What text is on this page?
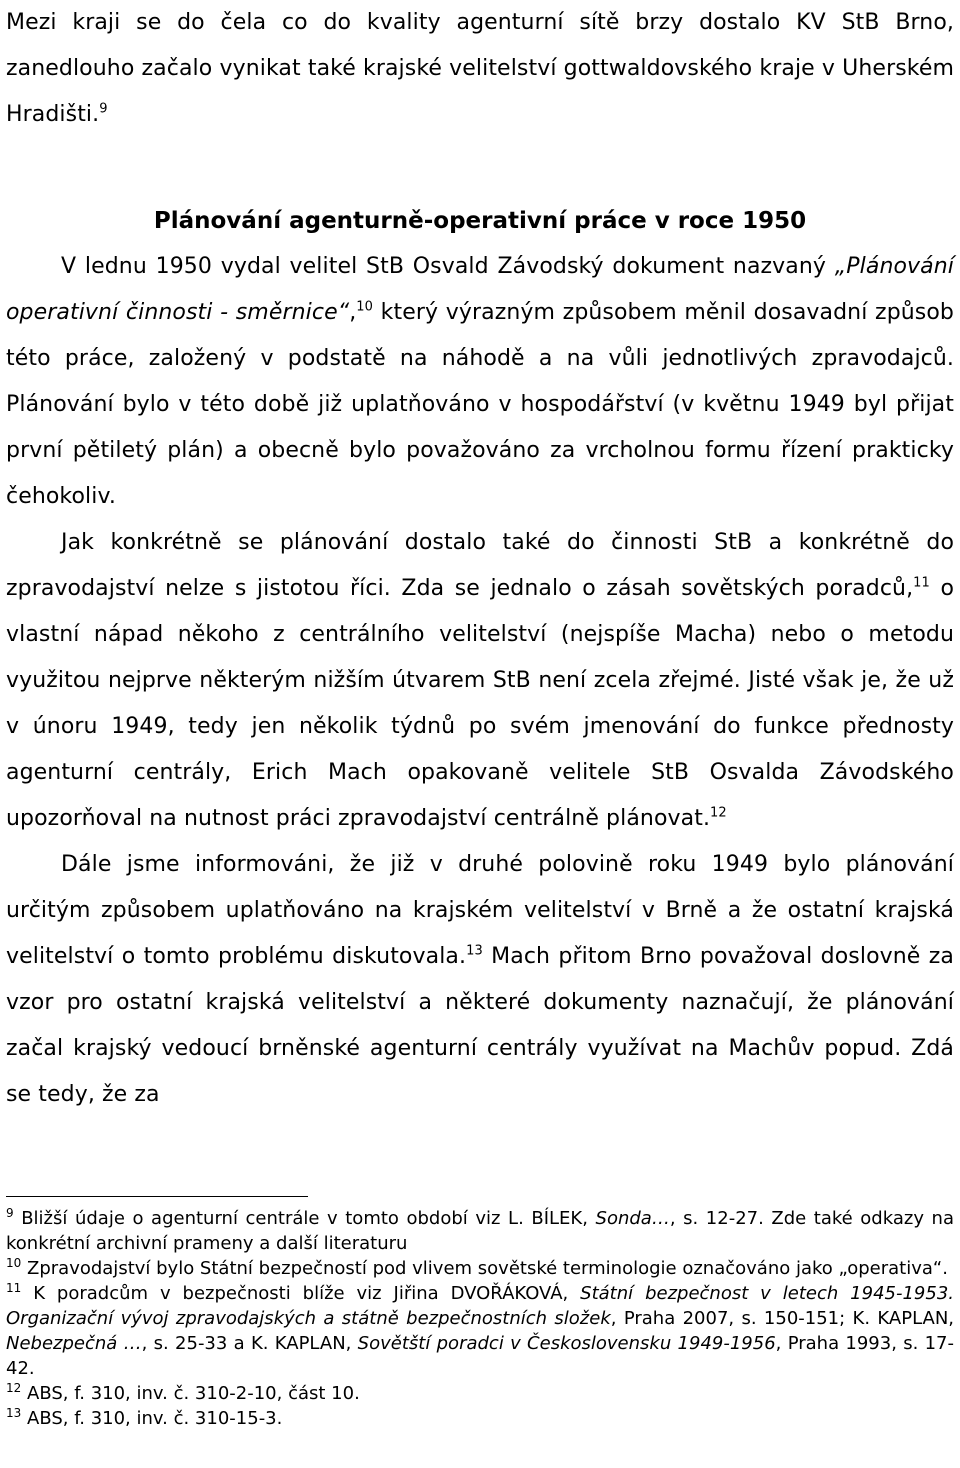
Mezi kraji se do čela co do kvality agenturní sítě brzy dostalo KV StB Brno, zanedlouho začalo vynikat také krajské velitelství gottwaldovského kraje v Uherském Hradišti.$^9$

Plánování agenturně-operativní práce v roce 1950

V lednu 1950 vydal velitel StB Osvald Závodský dokument nazvaný „Plánování operativní činnosti - směrnice“,$^{10}$ který výrazným způsobem měnil dosavadní způsob této práce, založený v podstatě na náhodě a na vůli jednotlivých zpravodajců. Plánování bylo v této době již uplatňováno v hospodářství (v květnu 1949 byl přijat první pětiletý plán) a obecně bylo považováno za vrcholnou formu řízení prakticky čehokoliv.

Jak konkrétně se plánování dostalo také do činnosti StB a konkrétně do zpravodajství nelze s jistotou říci. Zda se jednalo o zásah sovětských poradců,$^{11}$ o vlastní nápad někoho z centrálního velitelství (nejspíše Macha) nebo o metodu využitou nejprve některým nižším útvarem StB není zcela zřejmé. Jisté však je, že už v únoru 1949, tedy jen několik týdnů po svém jmenování do funkce přednosty agenturní centrály, Erich Mach opakovaně velitele StB Osvalda Závodského upozorňoval na nutnost práci zpravodajství centrálně plánovat.$^{12}$

Dále jsme informováni, že již v druhé polovině roku 1949 bylo plánování určitým způsobem uplatňováno na krajském velitelství v Brně a že ostatní krajská velitelství o tomto problému diskutovala.$^{13}$ Mach přitom Brno považoval doslovně za vzor pro ostatní krajská velitelství a některé dokumenty naznačují, že plánování začal krajský vedoucí brněnské agenturní centrály využívat na Machův popud. Zdá se tedy, že za

$^9$ Bližší údaje o agenturní centrále v tomto období viz L. BÍLEK, Sonda…, s. 12-27. Zde také odkazy na konkrétní archivní prameny a další literaturu

$^{10}$ Zpravodajství bylo Státní bezpečností pod vlivem sovětské terminologie označováno jako „operativa“.

$^{11}$ K poradcům v bezpečnosti blíže viz Jiřina DVOŘÁKOVÁ, Státní bezpečnost v letech 1945-1953. Organizační vývoj zpravodajských a státně bezpečnostních složek, Praha 2007, s. 150-151; K. KAPLAN, Nebezpečná …, s. 25-33 a K. KAPLAN, Sovětští poradci v Československu 1949-1956, Praha 1993, s. 17-42.

$^{12}$ ABS, f. 310, inv. č. 310-2-10, část 10.

$^{13}$ ABS, f. 310, inv. č. 310-15-3.
